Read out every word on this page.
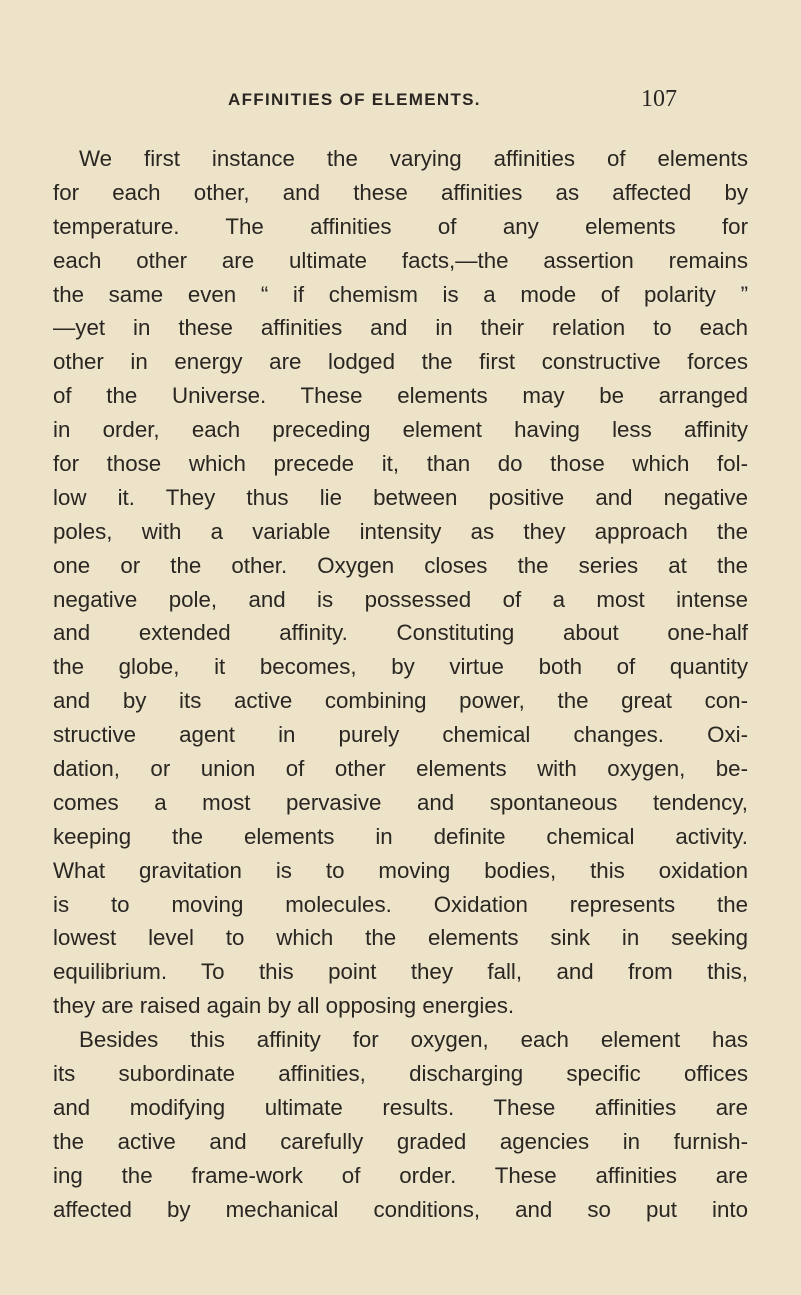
AFFINITIES OF ELEMENTS.	107
We first instance the varying affinities of elements
for each other, and these affinities as affected by
temperature. The affinities of any elements for
each other are ultimate facts,—the assertion remains
the same even “ if chemism is a mode of polarity ”
—yet in these affinities and in their relation to each
other in energy are lodged the first constructive forces
of the Universe. These elements may be arranged
in order, each preceding element having less affinity
for those which precede it, than do those which fol-
low it. They thus lie between positive and negative
poles, with a variable intensity as they approach the
one or the other. Oxygen closes the series at the
negative pole, and is possessed of a most intense
and extended affinity. Constituting about one-half
the globe, it becomes, by virtue both of quantity
and by its active combining power, the great con-
structive agent in purely chemical changes. Oxi-
dation, or union of other elements with oxygen, be-
comes a most pervasive and spontaneous tendency,
keeping the elements in definite chemical activity.
What gravitation is to moving bodies, this oxidation
is to moving molecules. Oxidation represents the
lowest level to which the elements sink in seeking
equilibrium. To this point they fall, and from this,
they are raised again by all opposing energies.
Besides this affinity for oxygen, each element has
its subordinate affinities, discharging specific offices
and modifying ultimate results. These affinities are
the active and carefully graded agencies in furnish-
ing the frame-work of order. These affinities are
affected by mechanical conditions, and so put into
